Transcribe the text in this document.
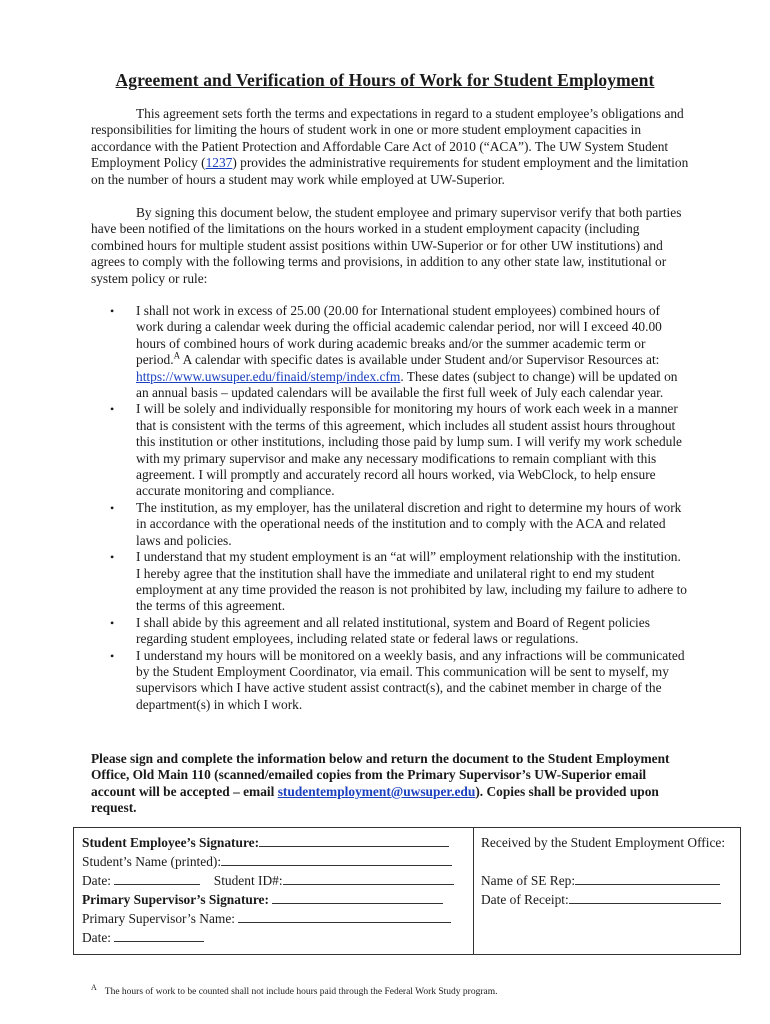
Agreement and Verification of Hours of Work for Student Employment

This agreement sets forth the terms and expectations in regard to a student employee’s obligations and responsibilities for limiting the hours of student work in one or more student employment capacities in accordance with the Patient Protection and Affordable Care Act of 2010 (“ACA”). The UW System Student Employment Policy (1237) provides the administrative requirements for student employment and the limitation on the number of hours a student may work while employed at UW-Superior.

By signing this document below, the student employee and primary supervisor verify that both parties have been notified of the limitations on the hours worked in a student employment capacity (including combined hours for multiple student assist positions within UW-Superior or for other UW institutions) and agrees to comply with the following terms and provisions, in addition to any other state law, institutional or system policy or rule:

• I shall not work in excess of 25.00 (20.00 for International student employees) combined hours of work during a calendar week during the official academic calendar period, nor will I exceed 40.00 hours of combined hours of work during academic breaks and/or the summer academic term or period.$^A$ A calendar with specific dates is available under Student and/or Supervisor Resources at: https://www.uwsuper.edu/finaid/stemp/index.cfm. These dates (subject to change) will be updated on an annual basis – updated calendars will be available the first full week of July each calendar year.
• I will be solely and individually responsible for monitoring my hours of work each week in a manner that is consistent with the terms of this agreement, which includes all student assist hours throughout this institution or other institutions, including those paid by lump sum. I will verify my work schedule with my primary supervisor and make any necessary modifications to remain compliant with this agreement. I will promptly and accurately record all hours worked, via WebClock, to help ensure accurate monitoring and compliance.
• The institution, as my employer, has the unilateral discretion and right to determine my hours of work in accordance with the operational needs of the institution and to comply with the ACA and related laws and policies.
• I understand that my student employment is an “at will” employment relationship with the institution. I hereby agree that the institution shall have the immediate and unilateral right to end my student employment at any time provided the reason is not prohibited by law, including my failure to adhere to the terms of this agreement.
• I shall abide by this agreement and all related institutional, system and Board of Regent policies regarding student employees, including related state or federal laws or regulations.
• I understand my hours will be monitored on a weekly basis, and any infractions will be communicated by the Student Employment Coordinator, via email. This communication will be sent to myself, my supervisors which I have active student assist contract(s), and the cabinet member in charge of the department(s) in which I work.

Please sign and complete the information below and return the document to the Student Employment Office, Old Main 110 (scanned/emailed copies from the Primary Supervisor’s UW-Superior email account will be accepted – email studentemployment@uwsuper.edu). Copies shall be provided upon request.

Student Employee’s Signature:
Student’s Name (printed):
Date:	Student ID#:
Primary Supervisor’s Signature:
Primary Supervisor’s Name:
Date:
Received by the Student Employment Office:

Name of SE Rep:
Date of Receipt:
$^A$ The hours of work to be counted shall not include hours paid through the Federal Work Study program.
